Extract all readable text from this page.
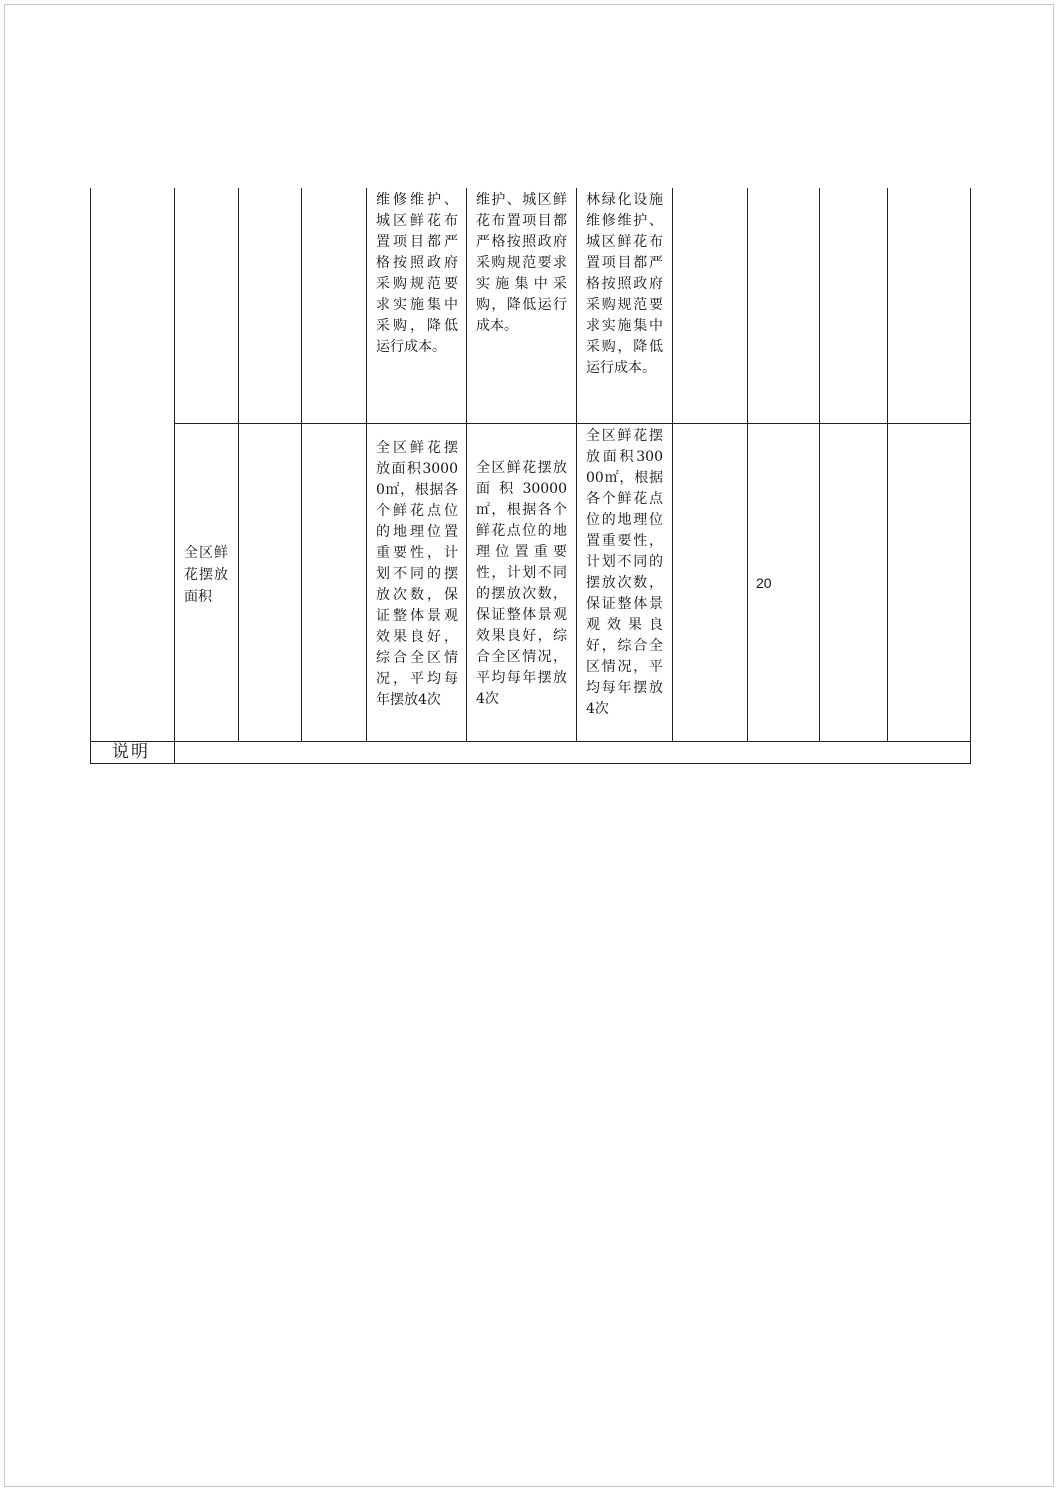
维修维护、城区鲜花布置项目都严格按照政府采购规范要求实施集中采购，降低运行成本。
维护、城区鲜花布置项目都严格按照政府采购规范要求实施集中采购，降低运行成本。
林绿化设施维修维护、城区鲜花布置项目都严格按照政府采购规范要求实施集中采购，降低运行成本。
全区鲜花摆放面积
全区鲜花摆放面积30000㎡，根据各个鲜花点位的地理位置重要性，计划不同的摆放次数，保证整体景观效果良好，综合全区情况，平均每年摆放4次
全区鲜花摆放面积30000㎡，根据各个鲜花点位的地理位置重要性，计划不同的摆放次数，保证整体景观效果良好，综合全区情况，平均每年摆放4次
全区鲜花摆放面积30000㎡，根据各个鲜花点位的地理位置重要性，计划不同的摆放次数，保证整体景观效果良好，综合全区情况，平均每年摆放4次
20
说明
